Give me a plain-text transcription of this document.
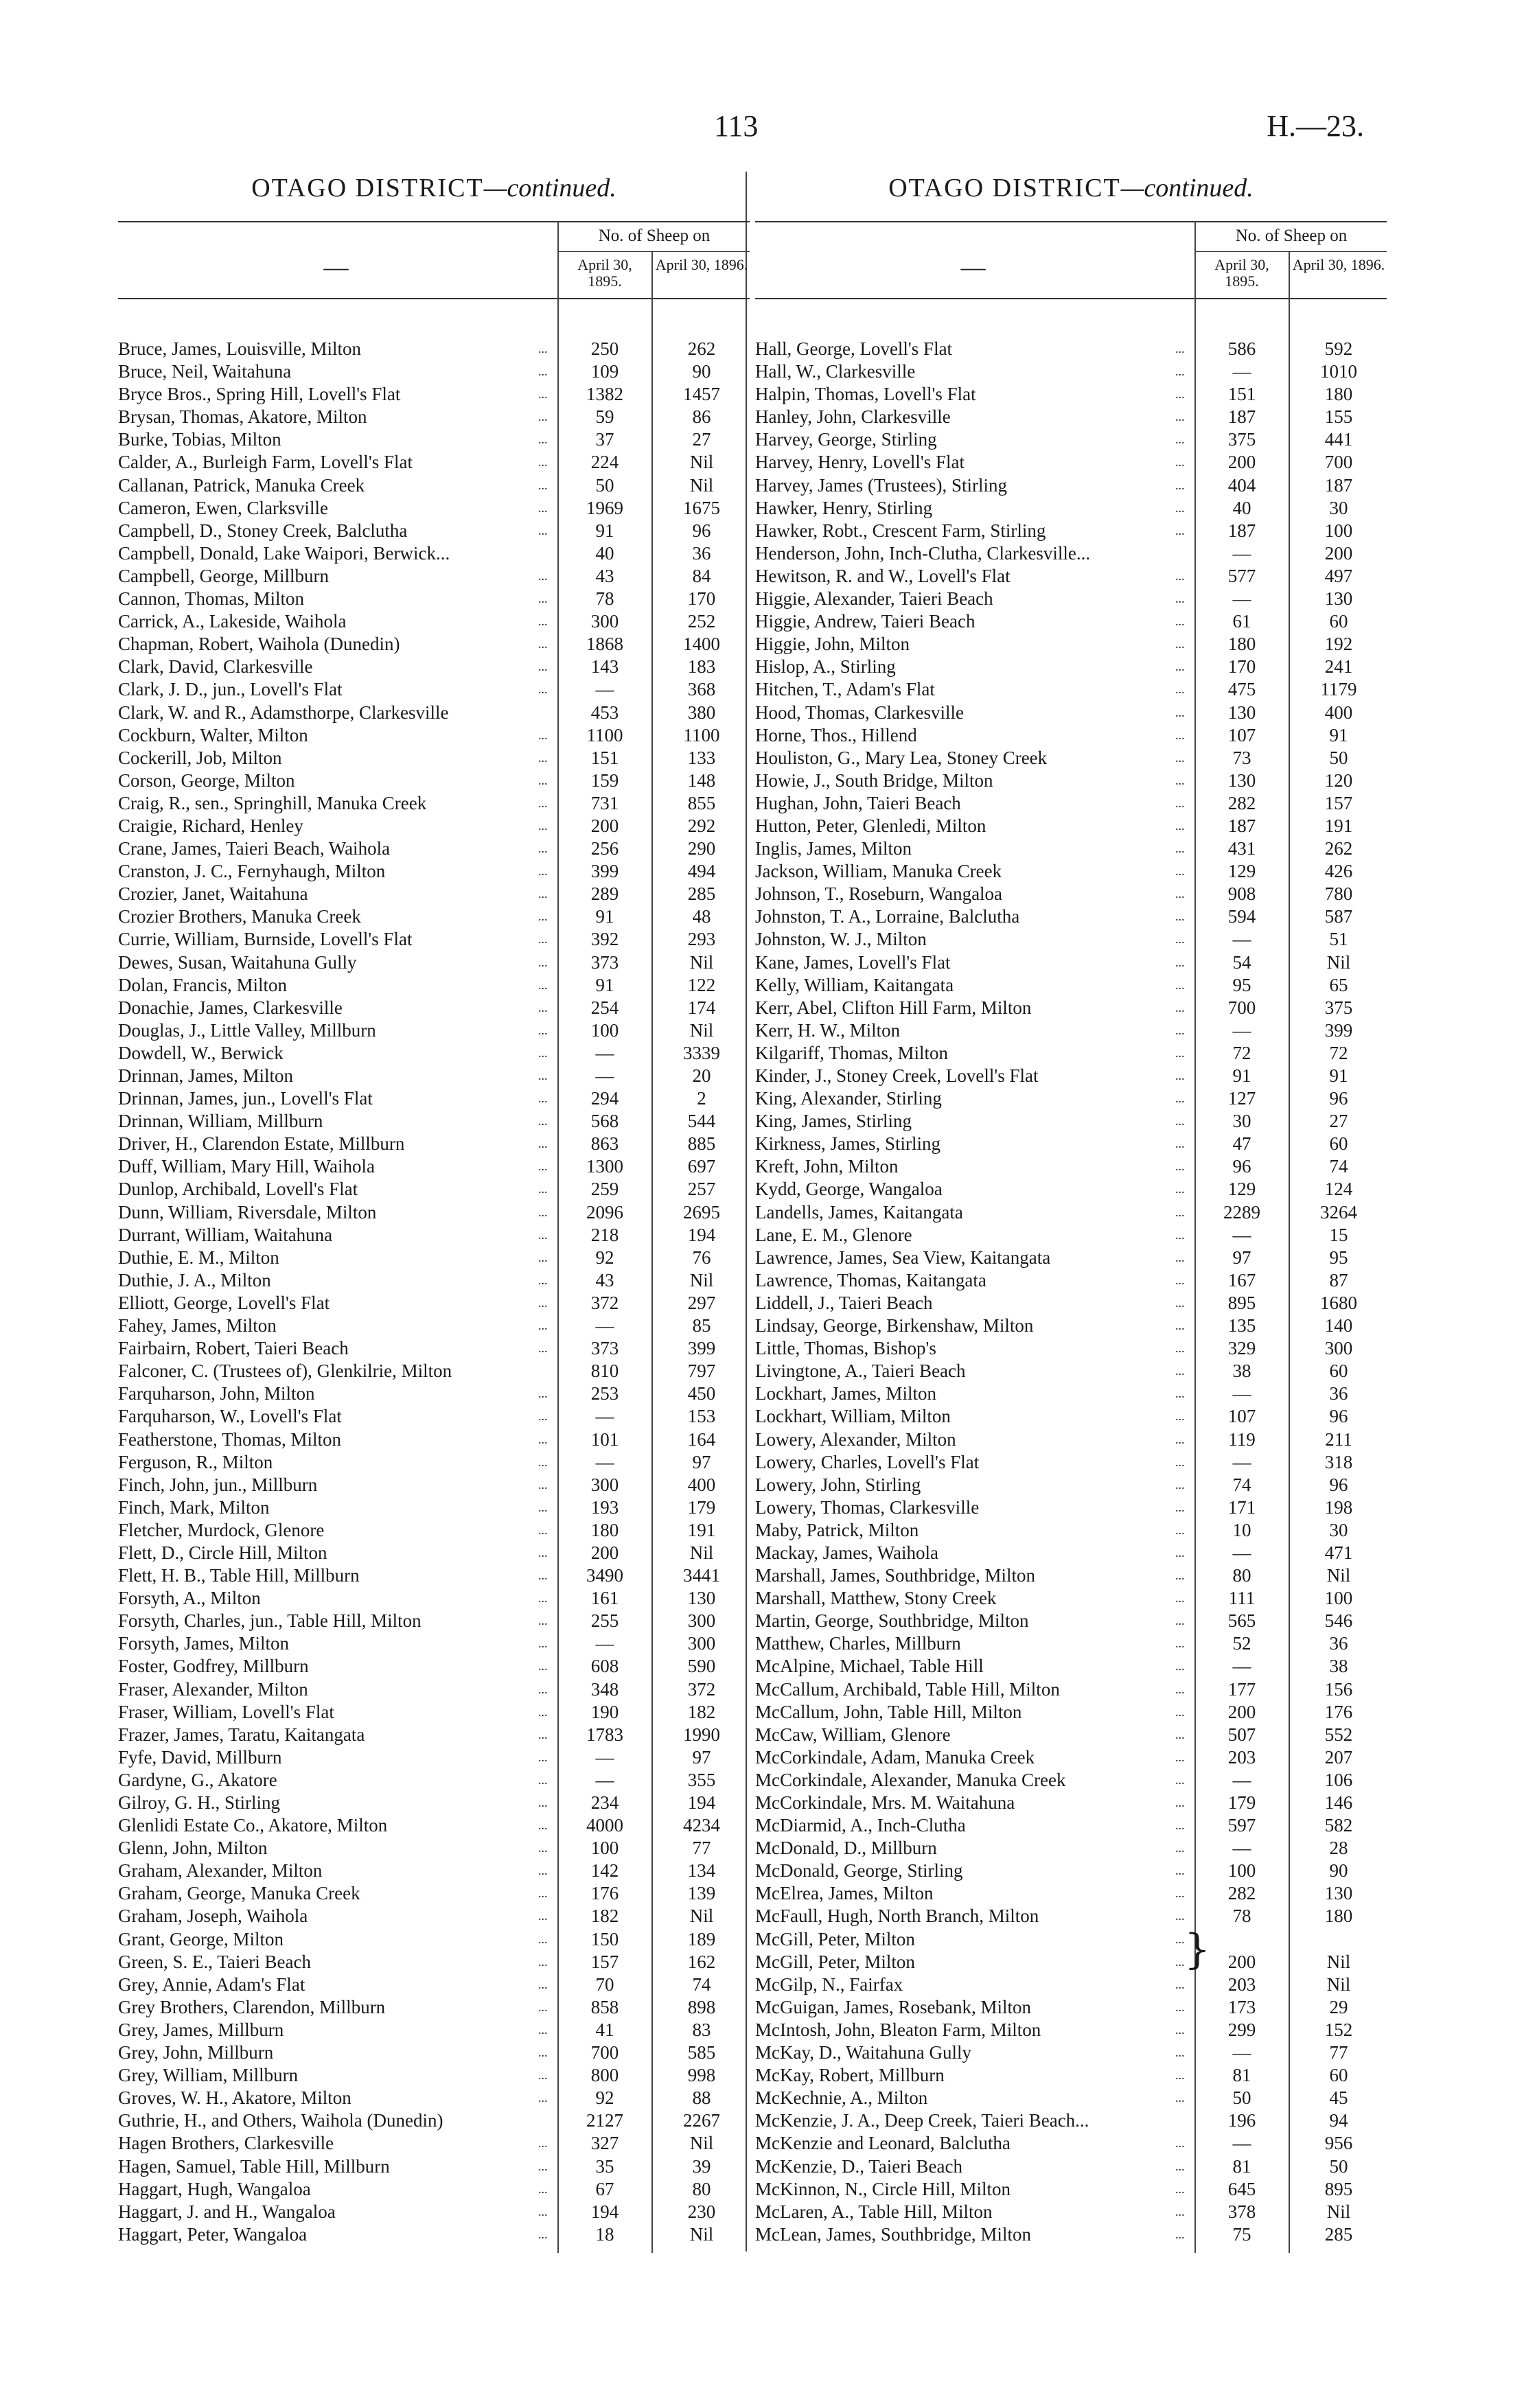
113	H.—23.
OTAGO DISTRICT—continued.
—
No. of Sheep on
April 30, 1895.
April 30, 1896.
Bruce, James, Louisville, Milton	...	250	262
Bruce, Neil, Waitahuna	...	109	90
Bryce Bros., Spring Hill, Lovell's Flat	...	1382	1457
Brysan, Thomas, Akatore, Milton	...	59	86
Burke, Tobias, Milton	...	37	27
Calder, A., Burleigh Farm, Lovell's Flat	...	224	Nil
Callanan, Patrick, Manuka Creek	...	50	Nil
Cameron, Ewen, Clarksville	...	1969	1675
Campbell, D., Stoney Creek, Balclutha	...	91	96
Campbell, Donald, Lake Waipori, Berwick...	40	36
Campbell, George, Millburn	...	43	84
Cannon, Thomas, Milton	...	78	170
Carrick, A., Lakeside, Waihola	...	300	252
Chapman, Robert, Waihola (Dunedin)	...	1868	1400
Clark, David, Clarkesville	...	143	183
Clark, J. D., jun., Lovell's Flat	...	—	368
Clark, W. and R., Adamsthorpe, Clarkesville	453	380
Cockburn, Walter, Milton	...	1100	1100
Cockerill, Job, Milton	...	151	133
Corson, George, Milton	...	159	148
Craig, R., sen., Springhill, Manuka Creek	...	731	855
Craigie, Richard, Henley	...	200	292
Crane, James, Taieri Beach, Waihola	...	256	290
Cranston, J. C., Fernyhaugh, Milton	...	399	494
Crozier, Janet, Waitahuna	...	289	285
Crozier Brothers, Manuka Creek	...	91	48
Currie, William, Burnside, Lovell's Flat	...	392	293
Dewes, Susan, Waitahuna Gully	...	373	Nil
Dolan, Francis, Milton	...	91	122
Donachie, James, Clarkesville	...	254	174
Douglas, J., Little Valley, Millburn	...	100	Nil
Dowdell, W., Berwick	...	—	3339
Drinnan, James, Milton	...	—	20
Drinnan, James, jun., Lovell's Flat	...	294	2
Drinnan, William, Millburn	...	568	544
Driver, H., Clarendon Estate, Millburn	...	863	885
Duff, William, Mary Hill, Waihola	...	1300	697
Dunlop, Archibald, Lovell's Flat	...	259	257
Dunn, William, Riversdale, Milton	...	2096	2695
Durrant, William, Waitahuna	...	218	194
Duthie, E. M., Milton	...	92	76
Duthie, J. A., Milton	...	43	Nil
Elliott, George, Lovell's Flat	...	372	297
Fahey, James, Milton	...	—	85
Fairbairn, Robert, Taieri Beach	...	373	399
Falconer, C. (Trustees of), Glenkilrie, Milton	810	797
Farquharson, John, Milton	...	253	450
Farquharson, W., Lovell's Flat	...	—	153
Featherstone, Thomas, Milton	...	101	164
Ferguson, R., Milton	...	—	97
Finch, John, jun., Millburn	...	300	400
Finch, Mark, Milton	...	193	179
Fletcher, Murdock, Glenore	...	180	191
Flett, D., Circle Hill, Milton	...	200	Nil
Flett, H. B., Table Hill, Millburn	...	3490	3441
Forsyth, A., Milton	...	161	130
Forsyth, Charles, jun., Table Hill, Milton	...	255	300
Forsyth, James, Milton	...	—	300
Foster, Godfrey, Millburn	...	608	590
Fraser, Alexander, Milton	...	348	372
Fraser, William, Lovell's Flat	...	190	182
Frazer, James, Taratu, Kaitangata	...	1783	1990
Fyfe, David, Millburn	...	—	97
Gardyne, G., Akatore	...	—	355
Gilroy, G. H., Stirling	...	234	194
Glenlidi Estate Co., Akatore, Milton	...	4000	4234
Glenn, John, Milton	...	100	77
Graham, Alexander, Milton	...	142	134
Graham, George, Manuka Creek	...	176	139
Graham, Joseph, Waihola	...	182	Nil
Grant, George, Milton	...	150	189
Green, S. E., Taieri Beach	...	157	162
Grey, Annie, Adam's Flat	...	70	74
Grey Brothers, Clarendon, Millburn	...	858	898
Grey, James, Millburn	...	41	83
Grey, John, Millburn	...	700	585
Grey, William, Millburn	...	800	998
Groves, W. H., Akatore, Milton	...	92	88
Guthrie, H., and Others, Waihola (Dunedin)	2127	2267
Hagen Brothers, Clarkesville	...	327	Nil
Hagen, Samuel, Table Hill, Millburn	...	35	39
Haggart, Hugh, Wangaloa	...	67	80
Haggart, J. and H., Wangaloa	...	194	230
Haggart, Peter, Wangaloa	...	18	Nil
OTAGO DISTRICT—continued.
—
No. of Sheep on
April 30, 1895.
April 30, 1896.
Hall, George, Lovell's Flat	...	586	592
Hall, W., Clarkesville	...	—	1010
Halpin, Thomas, Lovell's Flat	...	151	180
Hanley, John, Clarkesville	...	187	155
Harvey, George, Stirling	...	375	441
Harvey, Henry, Lovell's Flat	...	200	700
Harvey, James (Trustees), Stirling	...	404	187
Hawker, Henry, Stirling	...	40	30
Hawker, Robt., Crescent Farm, Stirling	...	187	100
Henderson, John, Inch-Clutha, Clarkesville...	—	200
Hewitson, R. and W., Lovell's Flat	...	577	497
Higgie, Alexander, Taieri Beach	...	—	130
Higgie, Andrew, Taieri Beach	...	61	60
Higgie, John, Milton	...	180	192
Hislop, A., Stirling	...	170	241
Hitchen, T., Adam's Flat	...	475	1179
Hood, Thomas, Clarkesville	...	130	400
Horne, Thos., Hillend	...	107	91
Houliston, G., Mary Lea, Stoney Creek	...	73	50
Howie, J., South Bridge, Milton	...	130	120
Hughan, John, Taieri Beach	...	282	157
Hutton, Peter, Glenledi, Milton	...	187	191
Inglis, James, Milton	...	431	262
Jackson, William, Manuka Creek	...	129	426
Johnson, T., Roseburn, Wangaloa	...	908	780
Johnston, T. A., Lorraine, Balclutha	...	594	587
Johnston, W. J., Milton	...	—	51
Kane, James, Lovell's Flat	...	54	Nil
Kelly, William, Kaitangata	...	95	65
Kerr, Abel, Clifton Hill Farm, Milton	...	700	375
Kerr, H. W., Milton	...	—	399
Kilgariff, Thomas, Milton	...	72	72
Kinder, J., Stoney Creek, Lovell's Flat	...	91	91
King, Alexander, Stirling	...	127	96
King, James, Stirling	...	30	27
Kirkness, James, Stirling	...	47	60
Kreft, John, Milton	...	96	74
Kydd, George, Wangaloa	...	129	124
Landells, James, Kaitangata	...	2289	3264
Lane, E. M., Glenore	...	—	15
Lawrence, James, Sea View, Kaitangata	...	97	95
Lawrence, Thomas, Kaitangata	...	167	87
Liddell, J., Taieri Beach	...	895	1680
Lindsay, George, Birkenshaw, Milton	...	135	140
Little, Thomas, Bishop's	...	329	300
Livingtone, A., Taieri Beach	...	38	60
Lockhart, James, Milton	...	—	36
Lockhart, William, Milton	...	107	96
Lowery, Alexander, Milton	...	119	211
Lowery, Charles, Lovell's Flat	...	—	318
Lowery, John, Stirling	...	74	96
Lowery, Thomas, Clarkesville	...	171	198
Maby, Patrick, Milton	...	10	30
Mackay, James, Waihola	...	—	471
Marshall, James, Southbridge, Milton	...	80	Nil
Marshall, Matthew, Stony Creek	...	111	100
Martin, George, Southbridge, Milton	...	565	546
Matthew, Charles, Millburn	...	52	36
McAlpine, Michael, Table Hill	...	—	38
McCallum, Archibald, Table Hill, Milton	...	177	156
McCallum, John, Table Hill, Milton	...	200	176
McCaw, William, Glenore	...	507	552
McCorkindale, Adam, Manuka Creek	...	203	207
McCorkindale, Alexander, Manuka Creek	...	—	106
McCorkindale, Mrs. M. Waitahuna	...	179	146
McDiarmid, A., Inch-Clutha	...	597	582
McDonald, D., Millburn	...	—	28
McDonald, George, Stirling	...	100	90
McElrea, James, Milton	...	282	130
McFaull, Hugh, North Branch, Milton	...	78	180
McGill, Peter, Milton	... }
McGill, Peter, Milton	...	200	Nil
McGilp, N., Fairfax	...	203	Nil
McGuigan, James, Rosebank, Milton	...	173	29
McIntosh, John, Bleaton Farm, Milton	...	299	152
McKay, D., Waitahuna Gully	...	—	77
McKay, Robert, Millburn	...	81	60
McKechnie, A., Milton	...	50	45
McKenzie, J. A., Deep Creek, Taieri Beach...	196	94
McKenzie and Leonard, Balclutha	...	—	956
McKenzie, D., Taieri Beach	...	81	50
McKinnon, N., Circle Hill, Milton	...	645	895
McLaren, A., Table Hill, Milton	...	378	Nil
McLean, James, Southbridge, Milton	...	75	285
